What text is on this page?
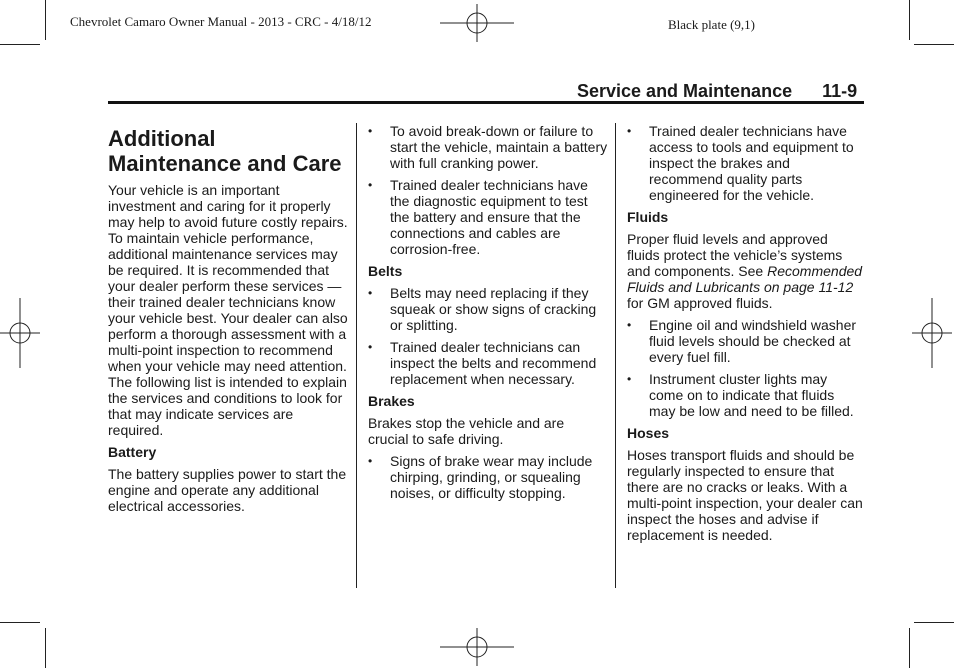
Chevrolet Camaro Owner Manual - 2013 - CRC - 4/18/12	Black plate (9,1)
Service and Maintenance 11-9
Additional
Maintenance and Care

Your vehicle is an important investment and caring for it properly may help to avoid future costly repairs. To maintain vehicle performance, additional maintenance services may be required. It is recommended that your dealer perform these services — their trained dealer technicians know your vehicle best. Your dealer can also perform a thorough assessment with a multi-point inspection to recommend when your vehicle may need attention. The following list is intended to explain the services and conditions to look for that may indicate services are required.

Battery

The battery supplies power to start the engine and operate any additional electrical accessories.

• To avoid break-down or failure to start the vehicle, maintain a battery with full cranking power.
• Trained dealer technicians have the diagnostic equipment to test the battery and ensure that the connections and cables are corrosion-free.
Belts
• Belts may need replacing if they squeak or show signs of cracking or splitting.
• Trained dealer technicians can inspect the belts and recommend replacement when necessary.
Brakes

Brakes stop the vehicle and are crucial to safe driving.

• Signs of brake wear may include chirping, grinding, or squealing noises, or difficulty stopping.
• Trained dealer technicians have access to tools and equipment to inspect the brakes and recommend quality parts engineered for the vehicle.
Fluids

Proper fluid levels and approved fluids protect the vehicle’s systems and components. See Recommended Fluids and Lubricants on page 11-12 for GM approved fluids.

• Engine oil and windshield washer fluid levels should be checked at every fuel fill.
• Instrument cluster lights may come on to indicate that fluids may be low and need to be filled.
Hoses

Hoses transport fluids and should be regularly inspected to ensure that there are no cracks or leaks. With a multi-point inspection, your dealer can inspect the hoses and advise if replacement is needed.
